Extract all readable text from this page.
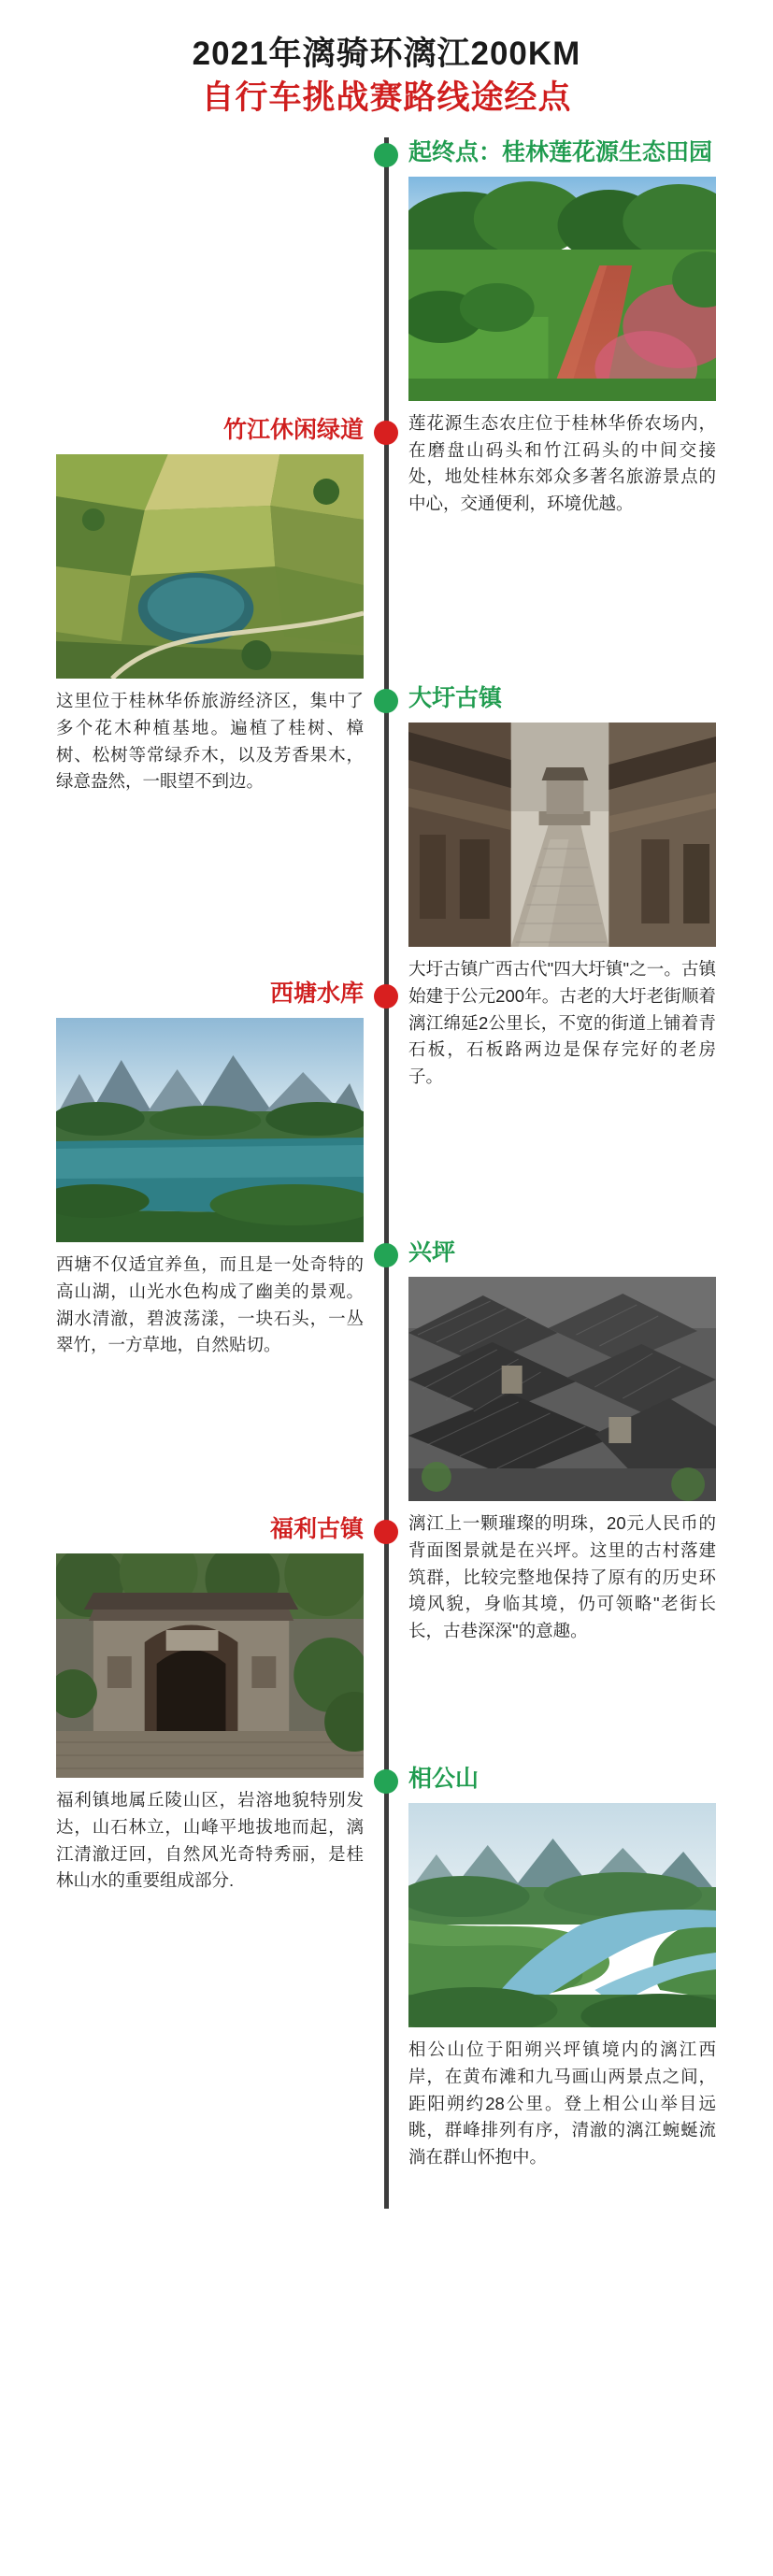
2021年漓骑环漓江200KM
自行车挑战赛路线途经点
起终点：桂林莲花源生态田园
莲花源生态农庄位于桂林华侨农场内，在磨盘山码头和竹江码头的中间交接处，地处桂林东郊众多著名旅游景点的中心，交通便利，环境优越。
竹江休闲绿道
这里位于桂林华侨旅游经济区，集中了多个花木种植基地。遍植了桂树、樟树、松树等常绿乔木，以及芳香果木，绿意盎然，一眼望不到边。
大圩古镇
大圩古镇广西古代"四大圩镇"之一。古镇始建于公元200年。古老的大圩老街顺着漓江绵延2公里长，不宽的街道上铺着青石板，石板路两边是保存完好的老房子。
西塘水库
西塘不仅适宜养鱼，而且是一处奇特的高山湖，山光水色构成了幽美的景观。湖水清澈，碧波荡漾，一块石头，一丛翠竹，一方草地，自然贴切。
兴坪
漓江上一颗璀璨的明珠，20元人民币的背面图景就是在兴坪。这里的古村落建筑群，比较完整地保持了原有的历史环境风貌，身临其境，仍可领略"老街长长，古巷深深"的意趣。
福利古镇
福利镇地属丘陵山区，岩溶地貌特别发达，山石林立，山峰平地拔地而起，漓江清澈迂回，自然风光奇特秀丽，是桂林山水的重要组成部分.
相公山
相公山位于阳朔兴坪镇境内的漓江西岸，在黄布滩和九马画山两景点之间，距阳朔约28公里。登上相公山举目远眺，群峰排列有序，清澈的漓江蜿蜒流淌在群山怀抱中。
